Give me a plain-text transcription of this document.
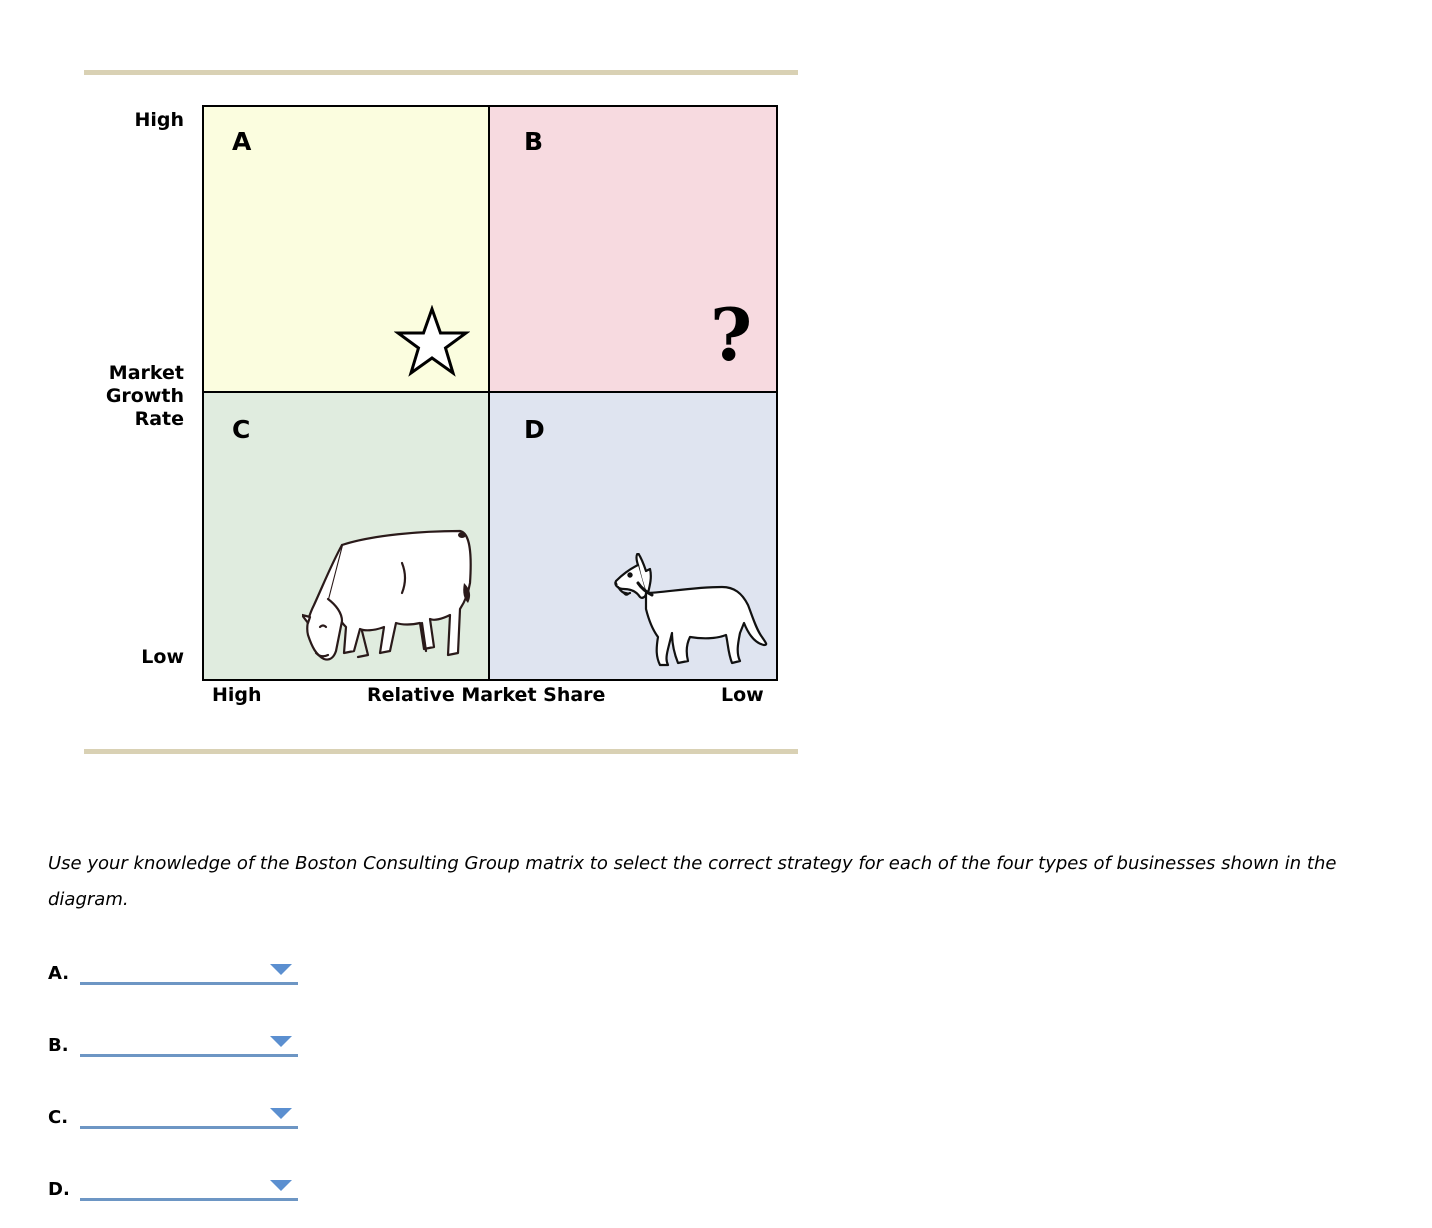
High
Market
Growth
Rate
Low
A	B
?
C	D
High	Relative Market Share	Low
Use your knowledge of the Boston Consulting Group matrix to select the correct strategy for each of the four types of businesses shown in the diagram.
A.
B.
C.
D.
